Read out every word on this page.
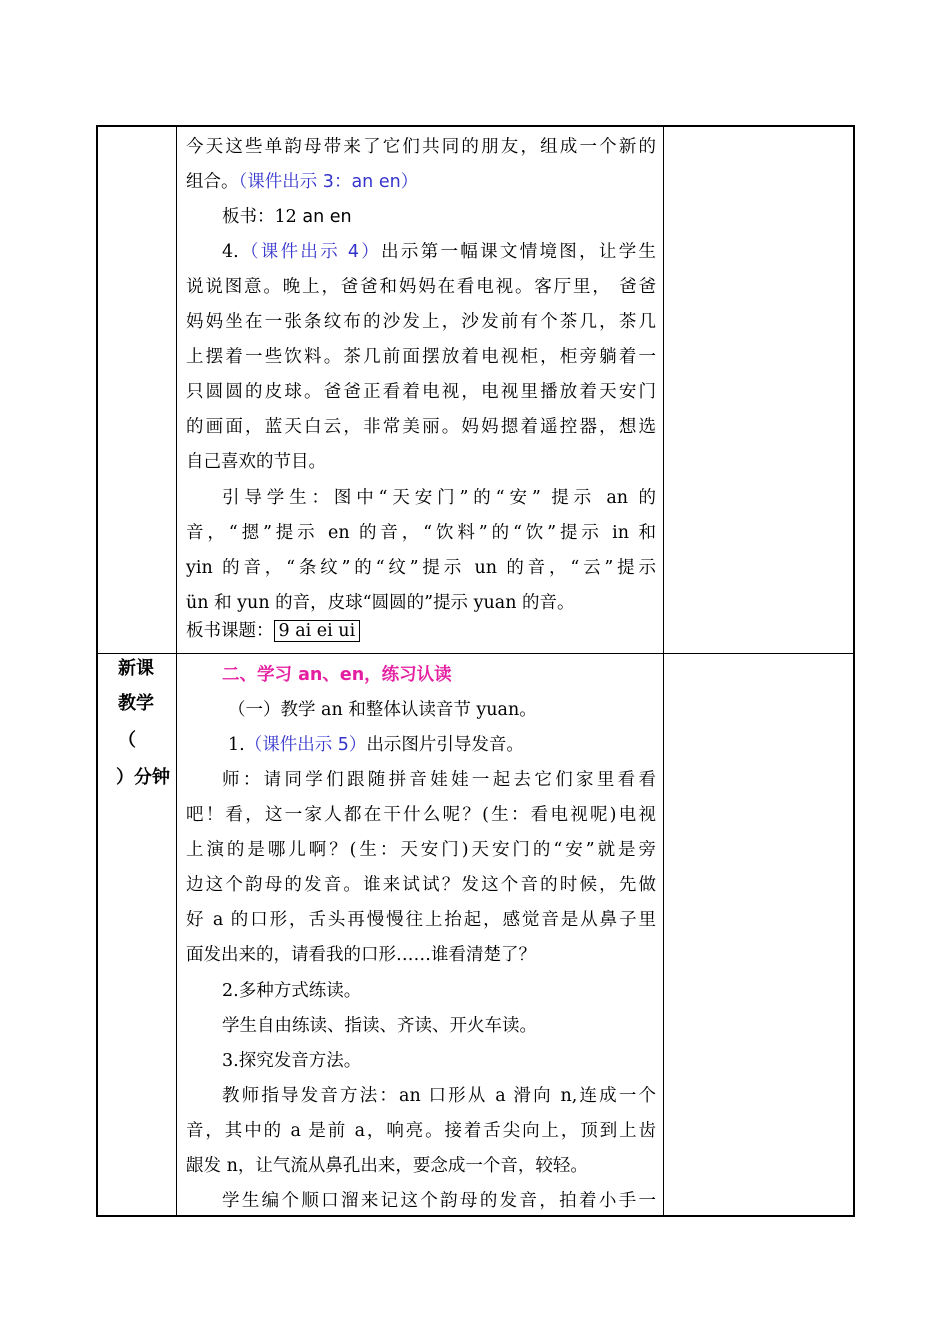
今天这些单韵母带来了它们共同的朋友，组成一个新的
组合。（课件出示 3：an en）
板书：12 an en
4.（课件出示 4）出示第一幅课文情境图，让学生
说说图意。晚上，爸爸和妈妈在看电视。客厅里， 爸爸
妈妈坐在一张条纹布的沙发上，沙发前有个茶几，茶几
上摆着一些饮料。茶几前面摆放着电视柜，柜旁躺着一
只圆圆的皮球。爸爸正看着电视，电视里播放着天安门
的画面，蓝天白云，非常美丽。妈妈摁着遥控器，想选
自己喜欢的节目。
引导学生：图中“天安门”的“安” 提示 an 的
音，“摁”提示 en 的音，“饮料”的“饮”提示 in 和
yin 的音，“条纹”的“纹”提示 un 的音，“云”提示
ün 和 yun 的音，皮球“圆圆的”提示 yuan 的音。
板书课题： 9 ai ei ui
新课
教学
（
）分钟
二、学习 an、en，练习认读
（一）教学 an 和整体认读音节 yuan。
1.（课件出示 5）出示图片引导发音。
师：请同学们跟随拼音娃娃一起去它们家里看看
吧！看，这一家人都在干什么呢？(生：看电视呢)电视
上演的是哪儿啊？(生：天安门)天安门的“安”就是旁
边这个韵母的发音。谁来试试？发这个音的时候，先做
好 a 的口形，舌头再慢慢往上抬起，感觉音是从鼻子里
面发出来的，请看我的口形……谁看清楚了？
2.多种方式练读。
学生自由练读、指读、齐读、开火车读。
3.探究发音方法。
教师指导发音方法：an 口形从 a 滑向 n,连成一个
音，其中的 a 是前 a，响亮。接着舌尖向上，顶到上齿
龈发 n，让气流从鼻孔出来，要念成一个音，较轻。
学生编个顺口溜来记这个韵母的发音，拍着小手一
